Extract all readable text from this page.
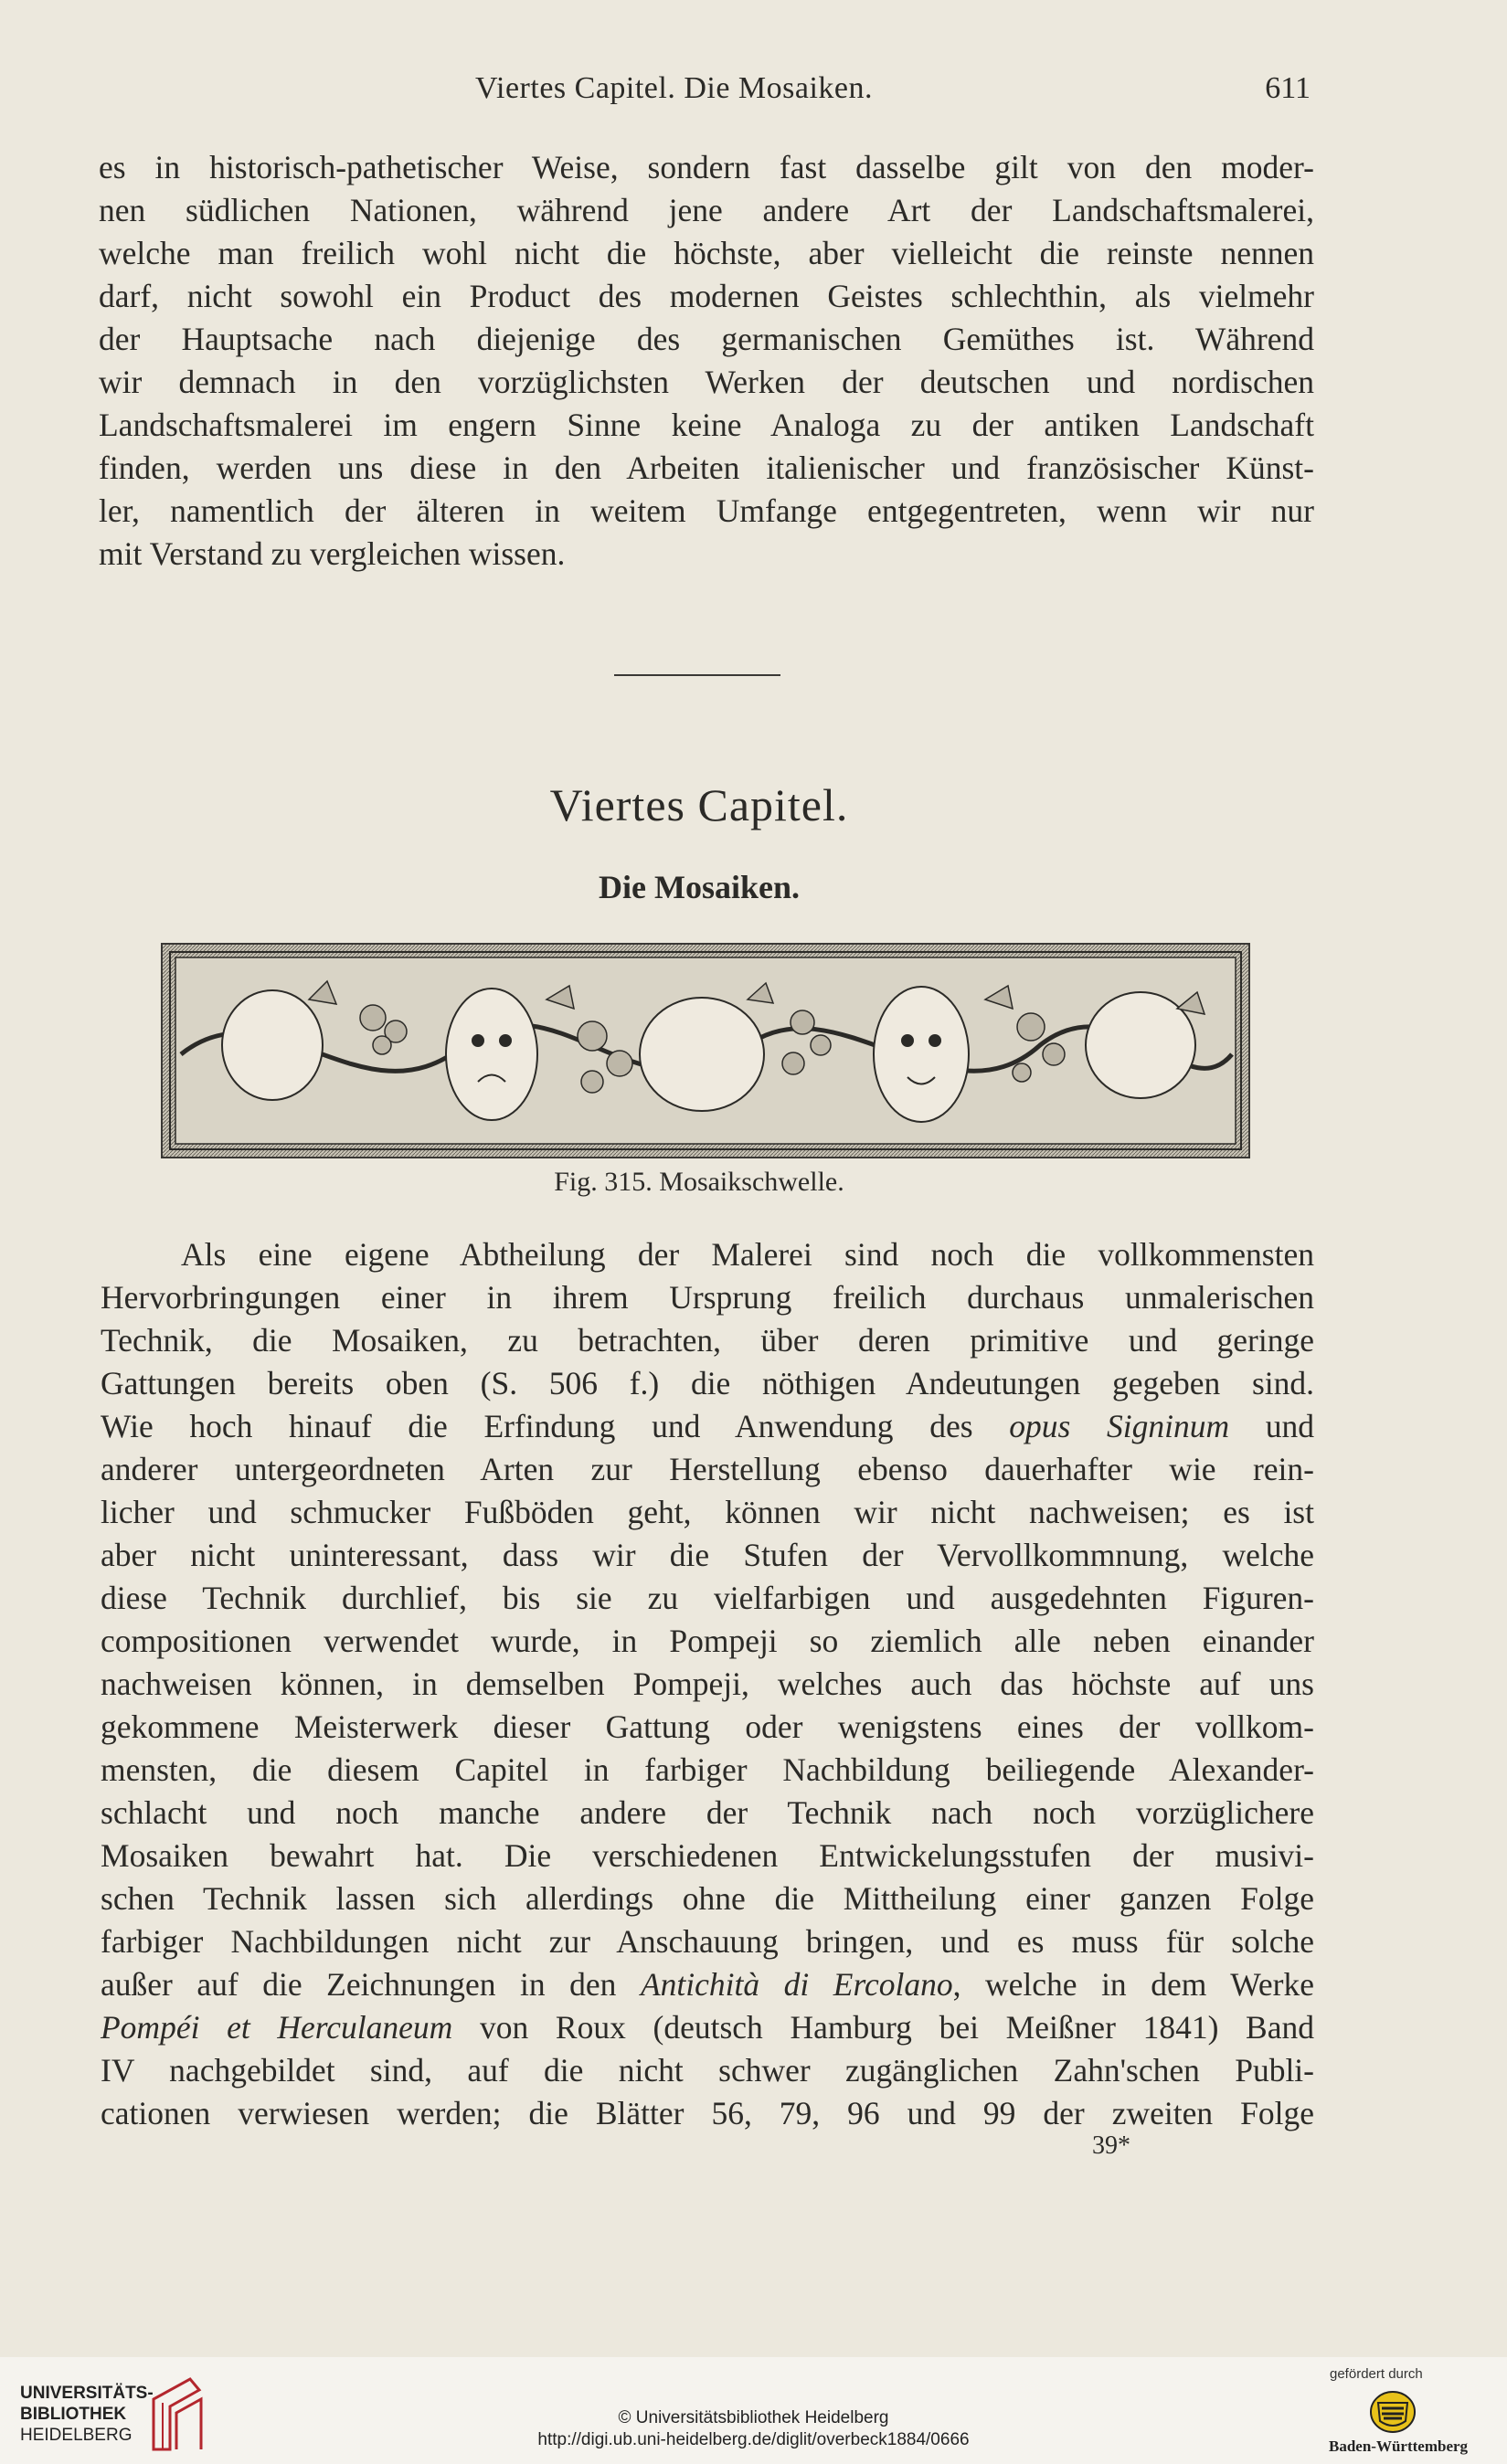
Viertes Capitel. Die Mosaiken.	611

es in historisch-pathetischer Weise, sondern fast dasselbe gilt von den moder-

nen südlichen Nationen, während jene andere Art der Landschaftsmalerei,

welche man freilich wohl nicht die höchste, aber vielleicht die reinste nennen

darf, nicht sowohl ein Product des modernen Geistes schlechthin, als vielmehr

der Hauptsache nach diejenige des germanischen Gemüthes ist. Während

wir demnach in den vorzüglichsten Werken der deutschen und nordischen

Landschaftsmalerei im engern Sinne keine Analoga zu der antiken Landschaft

finden, werden uns diese in den Arbeiten italienischer und französischer Künst-

ler, namentlich der älteren in weitem Umfange entgegentreten, wenn wir nur

mit Verstand zu vergleichen wissen.

Viertes Capitel.
Die Mosaiken.
Fig. 315. Mosaikschwelle.

Als eine eigene Abtheilung der Malerei sind noch die vollkommensten

Hervorbringungen einer in ihrem Ursprung freilich durchaus unmalerischen

Technik, die Mosaiken, zu betrachten, über deren primitive und geringe

Gattungen bereits oben (S. 506 f.) die nöthigen Andeutungen gegeben sind.

Wie hoch hinauf die Erfindung und Anwendung des opus Signinum und

anderer untergeordneten Arten zur Herstellung ebenso dauerhafter wie rein-

licher und schmucker Fußböden geht, können wir nicht nachweisen; es ist

aber nicht uninteressant, dass wir die Stufen der Vervollkommnung, welche

diese Technik durchlief, bis sie zu vielfarbigen und ausgedehnten Figuren-

compositionen verwendet wurde, in Pompeji so ziemlich alle neben einander

nachweisen können, in demselben Pompeji, welches auch das höchste auf uns

gekommene Meisterwerk dieser Gattung oder wenigstens eines der vollkom-

mensten, die diesem Capitel in farbiger Nachbildung beiliegende Alexander-

schlacht und noch manche andere der Technik nach noch vorzüglichere

Mosaiken bewahrt hat. Die verschiedenen Entwickelungsstufen der musivi-

schen Technik lassen sich allerdings ohne die Mittheilung einer ganzen Folge

farbiger Nachbildungen nicht zur Anschauung bringen, und es muss für solche

außer auf die Zeichnungen in den Antichità di Ercolano, welche in dem Werke

Pompéi et Herculaneum von Roux (deutsch Hamburg bei Meißner 1841) Band

IV nachgebildet sind, auf die nicht schwer zugänglichen Zahn'schen Publi-

cationen verwiesen werden; die Blätter 56, 79, 96 und 99 der zweiten Folge

39*
UNIVERSITÄTS-
BIBLIOTHEK
HEIDELBERG
© Universitätsbibliothek Heidelberg
http://digi.ub.uni-heidelberg.de/diglit/overbeck1884/0666
gefördert durch
Baden-Württemberg
